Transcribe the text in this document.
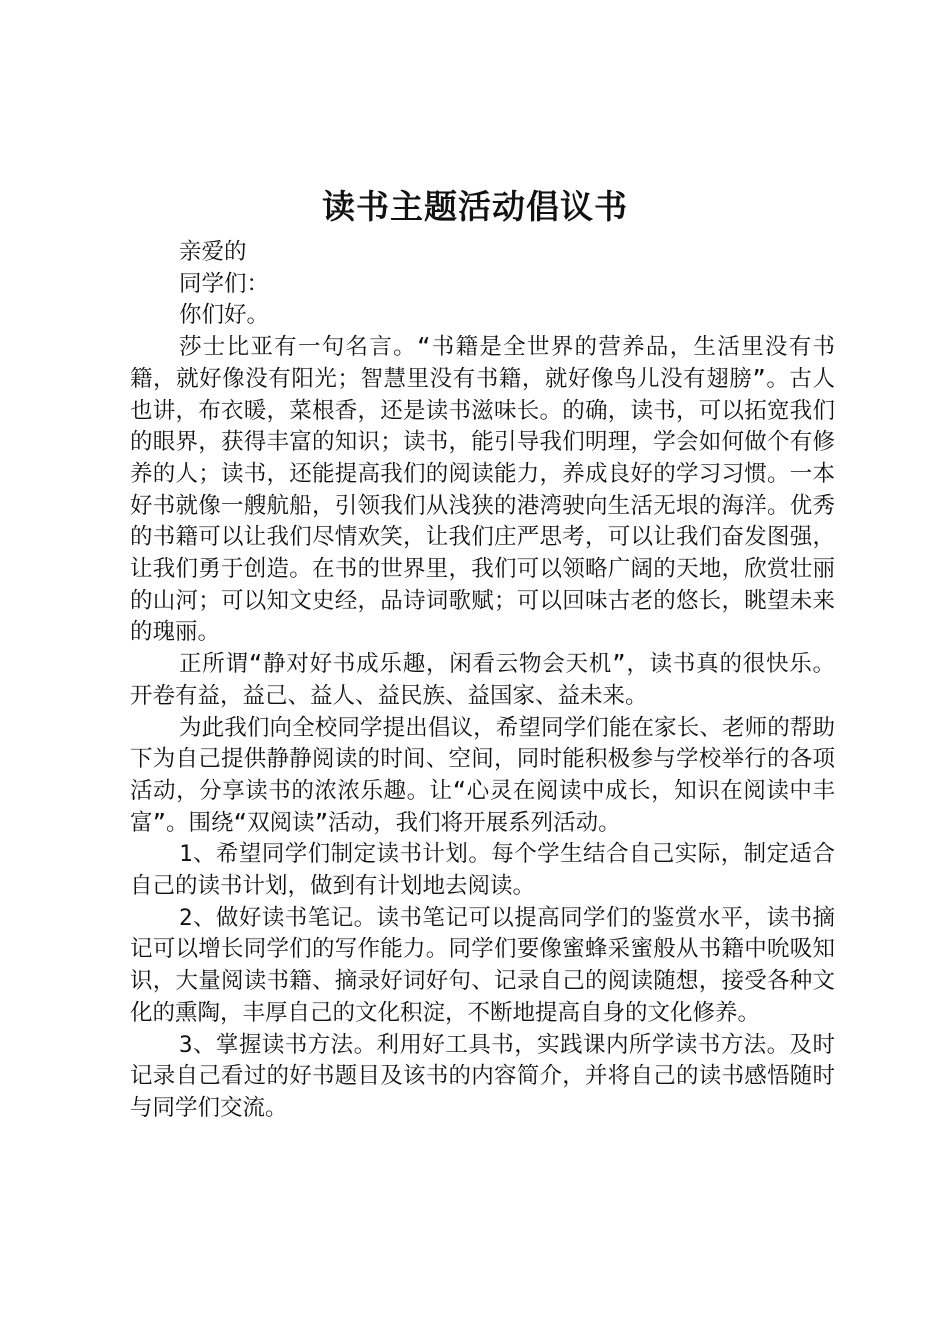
读书主题活动倡议书

亲爱的

同学们：

你们好。

莎士比亚有一句名言。“书籍是全世界的营养品，生活里没有书籍，就好像没有阳光；智慧里没有书籍，就好像鸟儿没有翅膀”。古人也讲，布衣暖，菜根香，还是读书滋味长。的确，读书，可以拓宽我们的眼界，获得丰富的知识；读书，能引导我们明理，学会如何做个有修养的人；读书，还能提高我们的阅读能力，养成良好的学习习惯。一本好书就像一艘航船，引领我们从浅狭的港湾驶向生活无垠的海洋。优秀的书籍可以让我们尽情欢笑，让我们庄严思考，可以让我们奋发图强，让我们勇于创造。在书的世界里，我们可以领略广阔的天地，欣赏壮丽的山河；可以知文史经，品诗词歌赋；可以回味古老的悠长，眺望未来的瑰丽。

正所谓“静对好书成乐趣，闲看云物会天机”，读书真的很快乐。开卷有益，益己、益人、益民族、益国家、益未来。

为此我们向全校同学提出倡议，希望同学们能在家长、老师的帮助下为自己提供静静阅读的时间、空间，同时能积极参与学校举行的各项活动，分享读书的浓浓乐趣。让“心灵在阅读中成长，知识在阅读中丰富”。围绕“双阅读”活动，我们将开展系列活动。

1、希望同学们制定读书计划。每个学生结合自己实际，制定适合自己的读书计划，做到有计划地去阅读。

2、做好读书笔记。读书笔记可以提高同学们的鉴赏水平，读书摘记可以增长同学们的写作能力。同学们要像蜜蜂采蜜般从书籍中吮吸知识，大量阅读书籍、摘录好词好句、记录自己的阅读随想，接受各种文化的熏陶，丰厚自己的文化积淀，不断地提高自身的文化修养。

3、掌握读书方法。利用好工具书，实践课内所学读书方法。及时记录自己看过的好书题目及该书的内容简介，并将自己的读书感悟随时与同学们交流。
